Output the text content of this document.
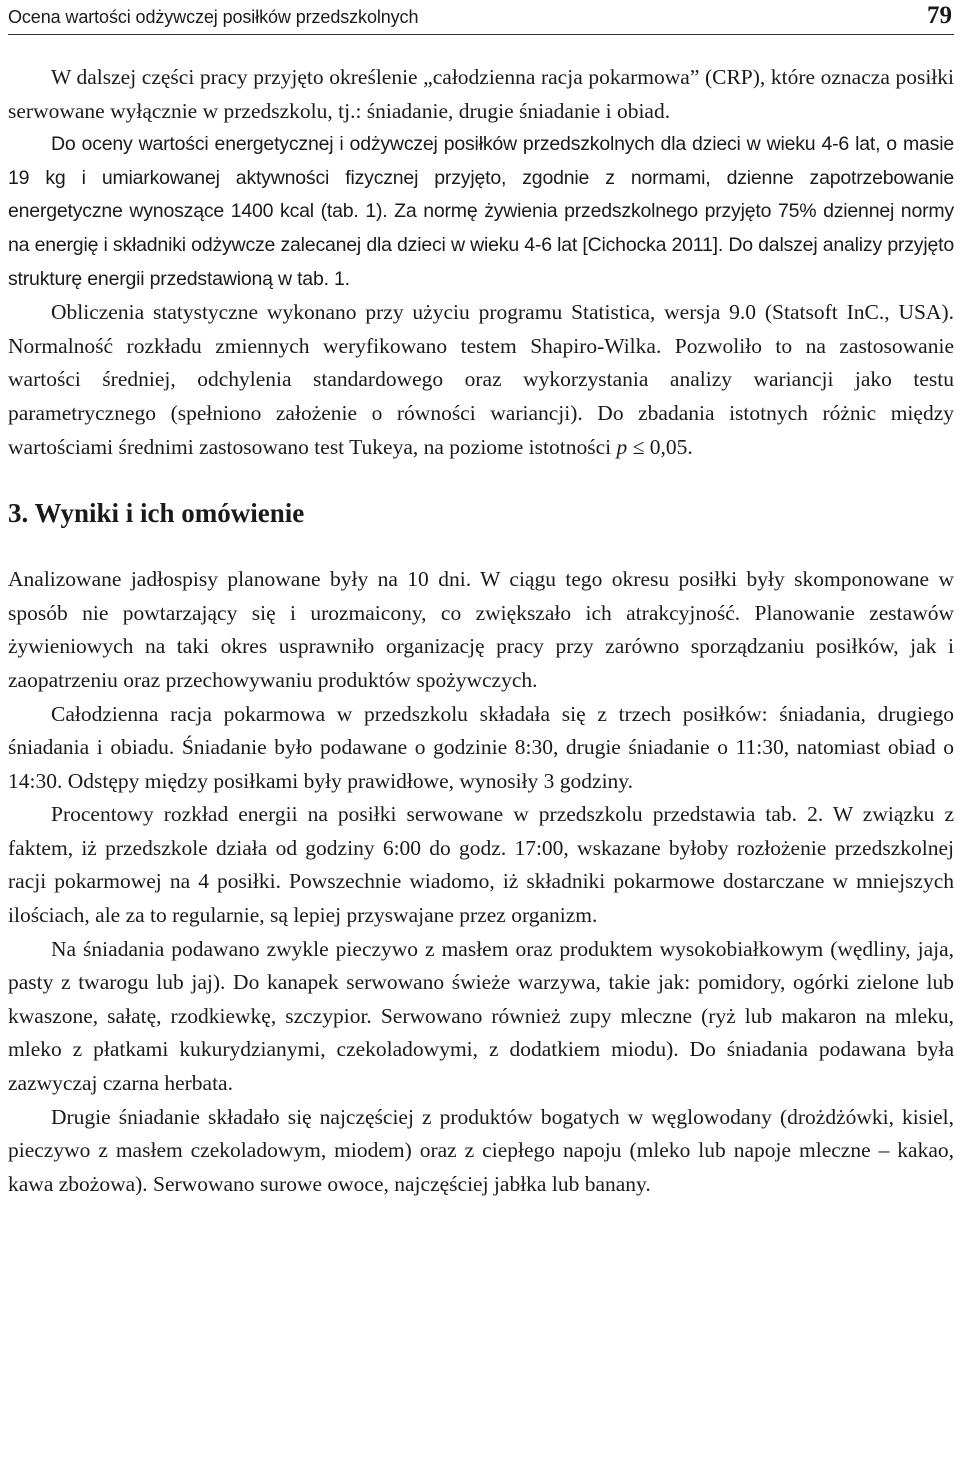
Ocena wartości odżywczej posiłków przedszkolnych	79

W dalszej części pracy przyjęto określenie „całodzienna racja pokarmowa” (CRP), które oznacza posiłki serwowane wyłącznie w przedszkolu, tj.: śniadanie, drugie śniadanie i obiad.

Do oceny wartości energetycznej i odżywczej posiłków przedszkolnych dla dzieci w wieku 4-6 lat, o masie 19 kg i umiarkowanej aktywności fizycznej przyjęto, zgodnie z normami, dzienne zapotrzebowanie energetyczne wynoszące 1400 kcal (tab. 1). Za normę żywienia przedszkolnego przyjęto 75% dziennej normy na energię i składniki odżywcze zalecanej dla dzieci w wieku 4-6 lat [Cichocka 2011]. Do dalszej analizy przyjęto strukturę energii przedstawioną w tab. 1.

Obliczenia statystyczne wykonano przy użyciu programu Statistica, wersja 9.0 (Statsoft InC., USA). Normalność rozkładu zmiennych weryfikowano testem Shapiro-Wilka. Pozwoliło to na zastosowanie wartości średniej, odchylenia standardowego oraz wykorzystania analizy wariancji jako testu parametrycznego (spełniono założenie o równości wariancji). Do zbadania istotnych różnic między wartościami średnimi zastosowano test Tukeya, na poziome istotności p ≤ 0,05.

3. Wyniki i ich omówienie

Analizowane jadłospisy planowane były na 10 dni. W ciągu tego okresu posiłki były skomponowane w sposób nie powtarzający się i urozmaicony, co zwiększało ich atrakcyjność. Planowanie zestawów żywieniowych na taki okres usprawniło organizację pracy przy zarówno sporządzaniu posiłków, jak i zaopatrzeniu oraz przechowywaniu produktów spożywczych.

Całodzienna racja pokarmowa w przedszkolu składała się z trzech posiłków: śniadania, drugiego śniadania i obiadu. Śniadanie było podawane o godzinie 8:30, drugie śniadanie o 11:30, natomiast obiad o 14:30. Odstępy między posiłkami były prawidłowe, wynosiły 3 godziny.

Procentowy rozkład energii na posiłki serwowane w przedszkolu przedstawia tab. 2. W związku z faktem, iż przedszkole działa od godziny 6:00 do godz. 17:00, wskazane byłoby rozłożenie przedszkolnej racji pokarmowej na 4 posiłki. Powszechnie wiadomo, iż składniki pokarmowe dostarczane w mniejszych ilościach, ale za to regularnie, są lepiej przyswajane przez organizm.

Na śniadania podawano zwykle pieczywo z masłem oraz produktem wysokobiałkowym (wędliny, jaja, pasty z twarogu lub jaj). Do kanapek serwowano świeże warzywa, takie jak: pomidory, ogórki zielone lub kwaszone, sałatę, rzodkiewkę, szczypior. Serwowano również zupy mleczne (ryż lub makaron na mleku, mleko z płatkami kukurydzianymi, czekoladowymi, z dodatkiem miodu). Do śniadania podawana była zazwyczaj czarna herbata.

Drugie śniadanie składało się najczęściej z produktów bogatych w węglowodany (drożdżówki, kisiel, pieczywo z masłem czekoladowym, miodem) oraz z ciepłego napoju (mleko lub napoje mleczne – kakao, kawa zbożowa). Serwowano surowe owoce, najczęściej jabłka lub banany.
